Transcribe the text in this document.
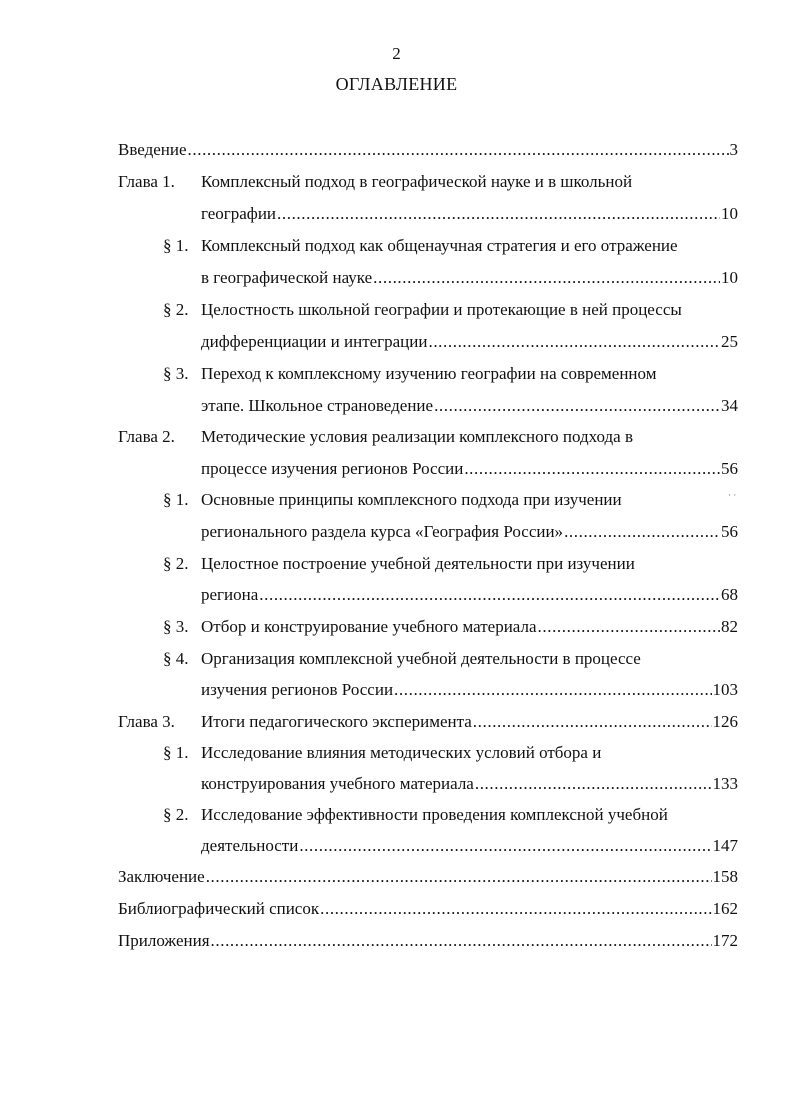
2
ОГЛАВЛЕНИЕ
Введение .....	3
Глава 1. Комплексный подход в географической науке и в школьной
географии .....	10
§ 1. Комплексный подход как общенаучная стратегия и его отражение
в географической науке .....	10
§ 2. Целостность школьной географии и протекающие в ней процессы
дифференциации и интеграции .....	25
§ 3. Переход к комплексному изучению географии на современном
этапе. Школьное страноведение .....	34
Глава 2. Методические условия реализации комплексного подхода в
процессе изучения регионов России .....	56
§ 1. Основные принципы комплексного подхода при изучении	· ·
регионального раздела курса «География России» .....	56
§ 2. Целостное построение учебной деятельности при изучении
региона .....	68
§ 3. Отбор и конструирование учебного материала .....	82
§ 4. Организация комплексной учебной деятельности в процессе
изучения регионов России .....	103
Глава 3. Итоги педагогического эксперимента .....	126
§ 1. Исследование влияния методических условий отбора и
конструирования учебного материала .....	133
§ 2. Исследование эффективности проведения комплексной учебной
деятельности .....	147
Заключение .....	158
Библиографический список .....	162
Приложения .....	172
